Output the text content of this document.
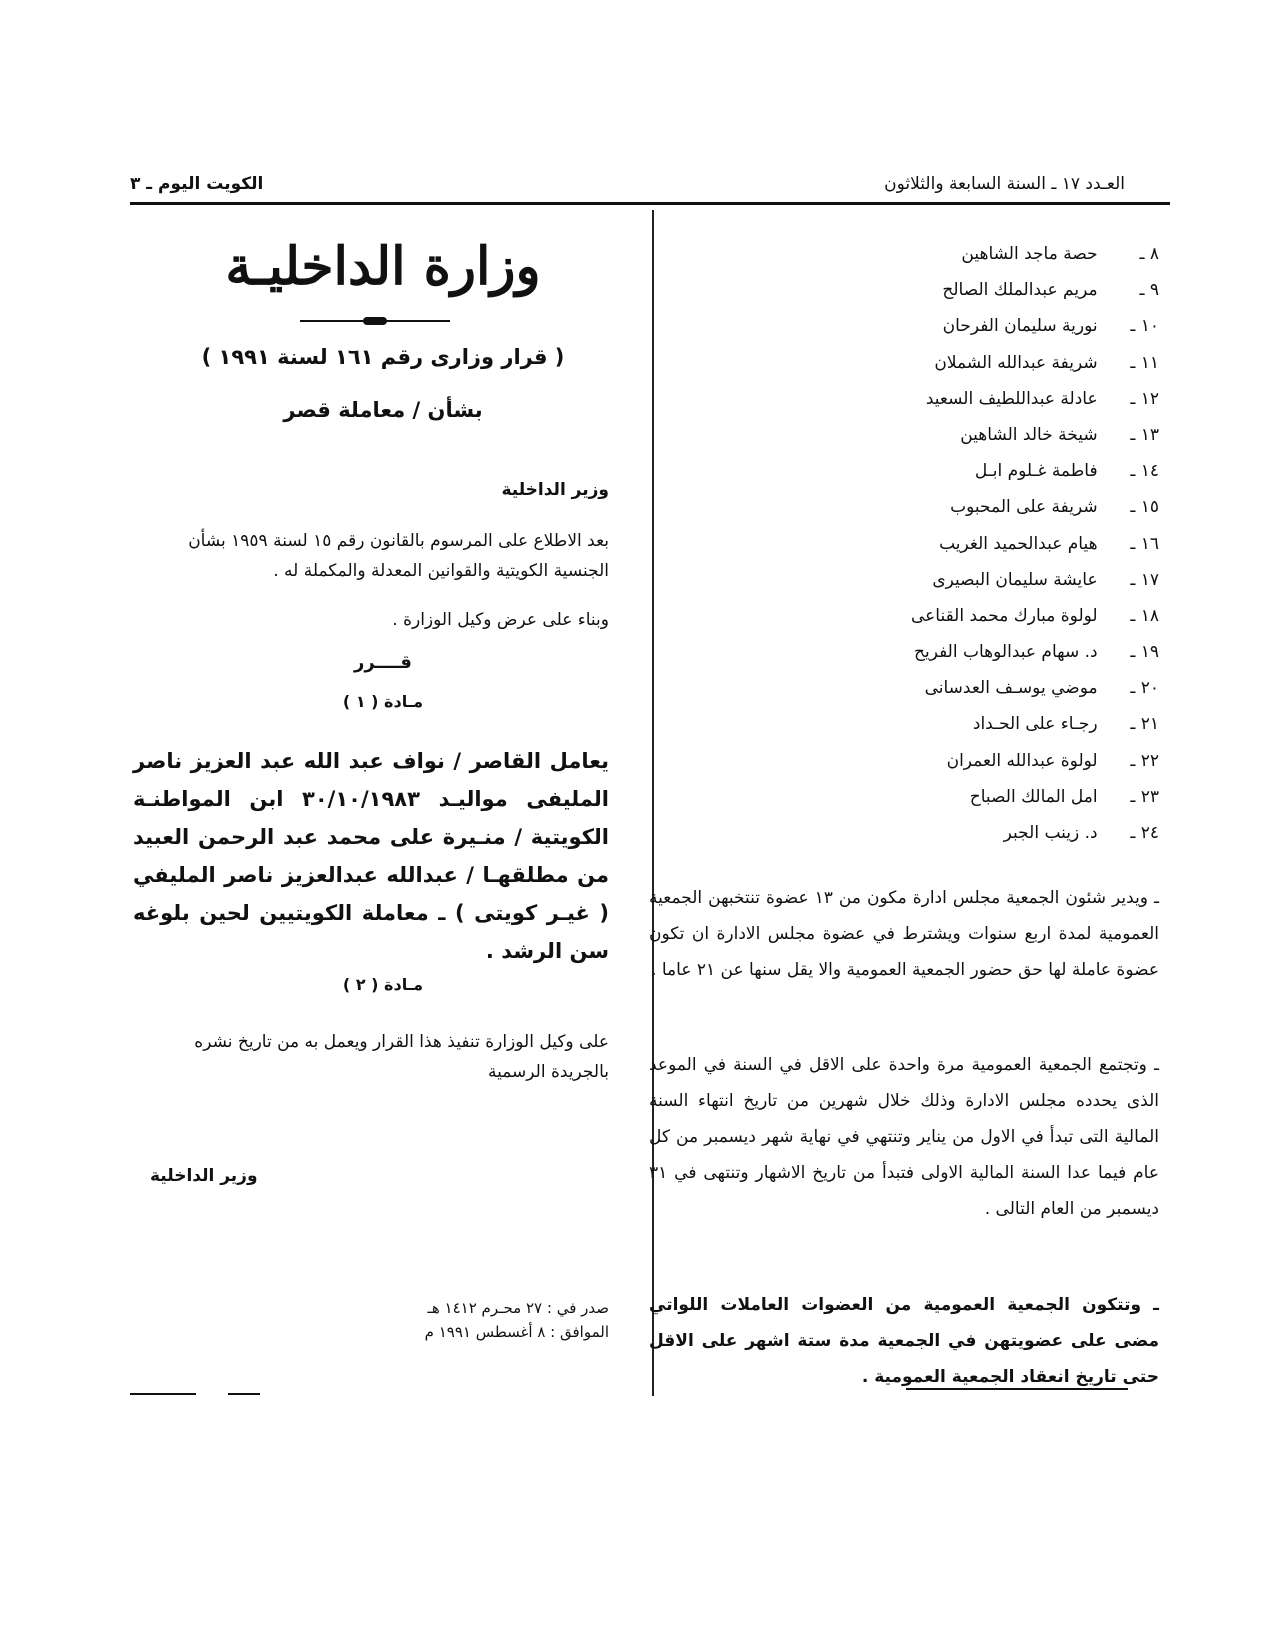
العـدد ١٧ ـ السنة السابعة والثلاثون
الكويت اليوم ـ ٣
٨ ـ حصة ماجد الشاهين
٩ ـ مريم عبدالملك الصالح
١٠ ـ نورية سليمان الفرحان
١١ ـ شريفة عبدالله الشملان
١٢ ـ عادلة عبداللطيف السعيد
١٣ ـ شيخة خالد الشاهين
١٤ ـ فاطمة غـلوم ابـل
١٥ ـ شريفة على المحبوب
١٦ ـ هيام عبدالحميد الغريب
١٧ ـ عايشة سليمان البصيرى
١٨ ـ لولوة مبارك محمد القناعى
١٩ ـ د. سهام عبدالوهاب الفريح
٢٠ ـ موضي يوسـف العدسانى
٢١ ـ رجـاء على الحـداد
٢٢ ـ لولوة عبدالله العمران
٢٣ ـ امل المالك الصباح
٢٤ ـ د. زينب الجبر
ـ ويدير شئون الجمعية مجلس ادارة مكون من ١٣ عضوة تنتخبهن الجمعية العمومية لمدة اربع سنوات ويشترط في عضوة مجلس الادارة ان تكون عضوة عاملة لها حق حضور الجمعية العمومية والا يقل سنها عن ٢١ عاما .
ـ وتجتمع الجمعية العمومية مرة واحدة على الاقل في السنة في الموعد الذى يحدده مجلس الادارة وذلك خلال شهرين من تاريخ انتهاء السنة المالية التى تبدأ في الاول من يناير وتنتهي في نهاية شهر ديسمبر من كل عام فيما عدا السنة المالية الاولى فتبدأ من تاريخ الاشهار وتنتهى في ٣١ ديسمبر من العام التالى .
ـ وتتكون الجمعية العمومية من العضوات العاملات اللواتي مضى على عضويتهن في الجمعية مدة ستة اشهر على الاقل حتى تاريخ انعقاد الجمعية العمومية .
وزارة الداخليـة
( قرار وزارى رقم ١٦١ لسنة ١٩٩١ )
بشأن / معاملة قصر
وزير الداخلية
بعد الاطلاع على المرسوم بالقانون رقم ١٥ لسنة ١٩٥٩ بشأن الجنسية الكويتية والقوانين المعدلة والمكملة له .
وبناء على عرض وكيل الوزارة .
قــــرر
مـادة ( ١ )
يعامل القاصر / نواف عبد الله عبد العزيز ناصر المليفى مواليـد ٣٠/١٠/١٩٨٣ ابن المواطنـة الكويتية / منـيرة على محمد عبد الرحمن العبيد من مطلقهـا / عبدالله عبدالعزيز ناصر المليفي ( غيـر كويتى ) ـ معاملة الكويتيين لحين بلوغه سن الرشد .
مـادة ( ٢ )
على وكيل الوزارة تنفيذ هذا القرار ويعمل به من تاريخ نشره بالجريدة الرسمية
وزير الداخلية
صدر في : ٢٧ محـرم ١٤١٢ هـ
الموافق : ٨ أغسطس ١٩٩١ م
